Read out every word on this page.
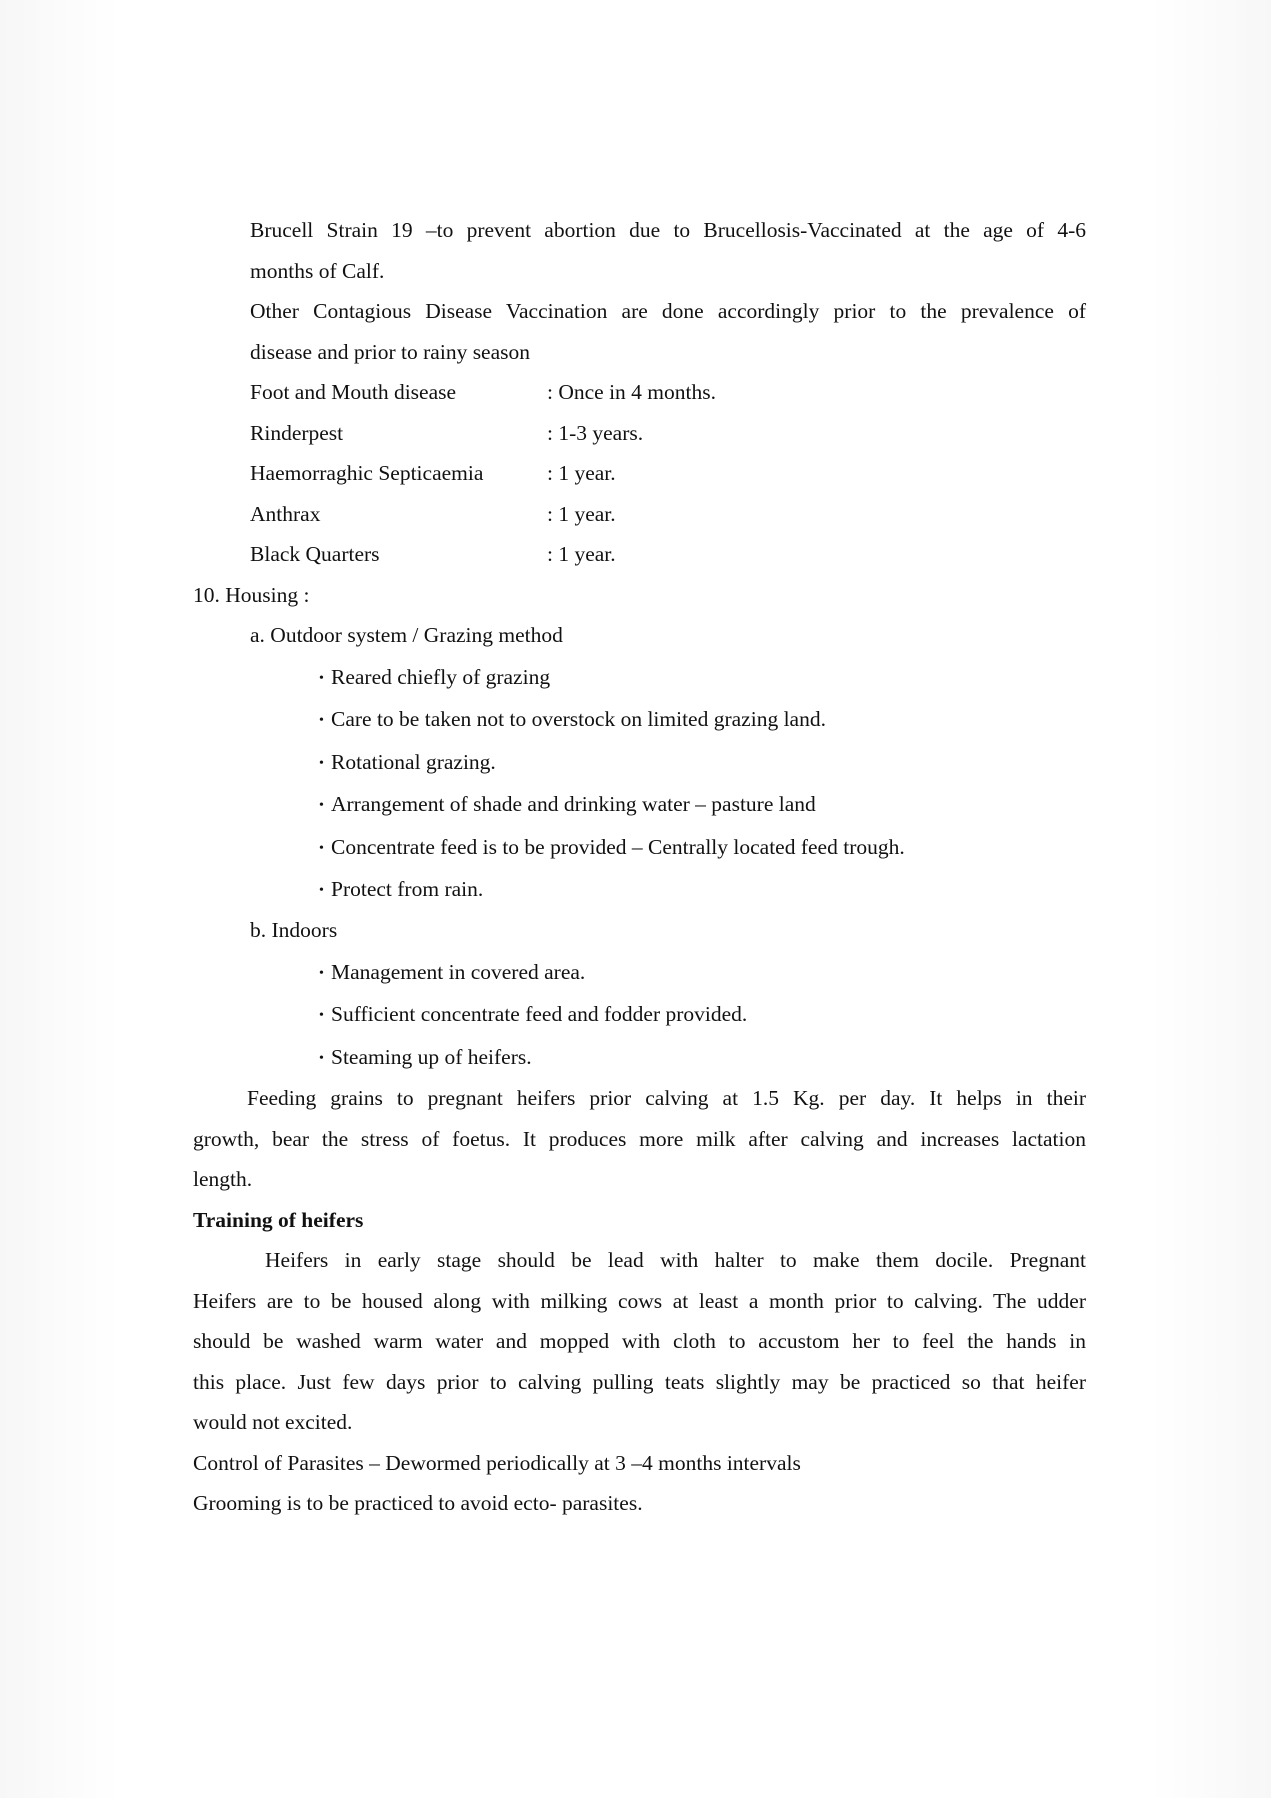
Brucell Strain 19 –to prevent abortion due to Brucellosis-Vaccinated at the age of 4-6
months of Calf.
Other Contagious Disease Vaccination are done accordingly prior to the prevalence of
disease and prior to rainy season
Foot and Mouth disease	: Once in 4 months.
Rinderpest	: 1-3 years.
Haemorraghic Septicaemia	: 1 year.
Anthrax	: 1 year.
Black Quarters	: 1 year.
10. Housing :
a. Outdoor system / Grazing method
• Reared chiefly of grazing
• Care to be taken not to overstock on limited grazing land.
• Rotational grazing.
• Arrangement of shade and drinking water – pasture land
• Concentrate feed is to be provided – Centrally located feed trough.
• Protect from rain.
b. Indoors
• Management in covered area.
• Sufficient concentrate feed and fodder provided.
• Steaming up of heifers.
Feeding grains to pregnant heifers prior calving at 1.5 Kg. per day. It helps in their
growth, bear the stress of foetus. It produces more milk after calving and increases lactation
length.
Training of heifers
Heifers in early stage should be lead with halter to make them docile. Pregnant
Heifers are to be housed along with milking cows at least a month prior to calving. The udder
should be washed warm water and mopped with cloth to accustom her to feel the hands in
this place. Just few days prior to calving pulling teats slightly may be practiced so that heifer
would not excited.
Control of Parasites – Dewormed periodically at 3 –4 months intervals
Grooming is to be practiced to avoid ecto- parasites.
